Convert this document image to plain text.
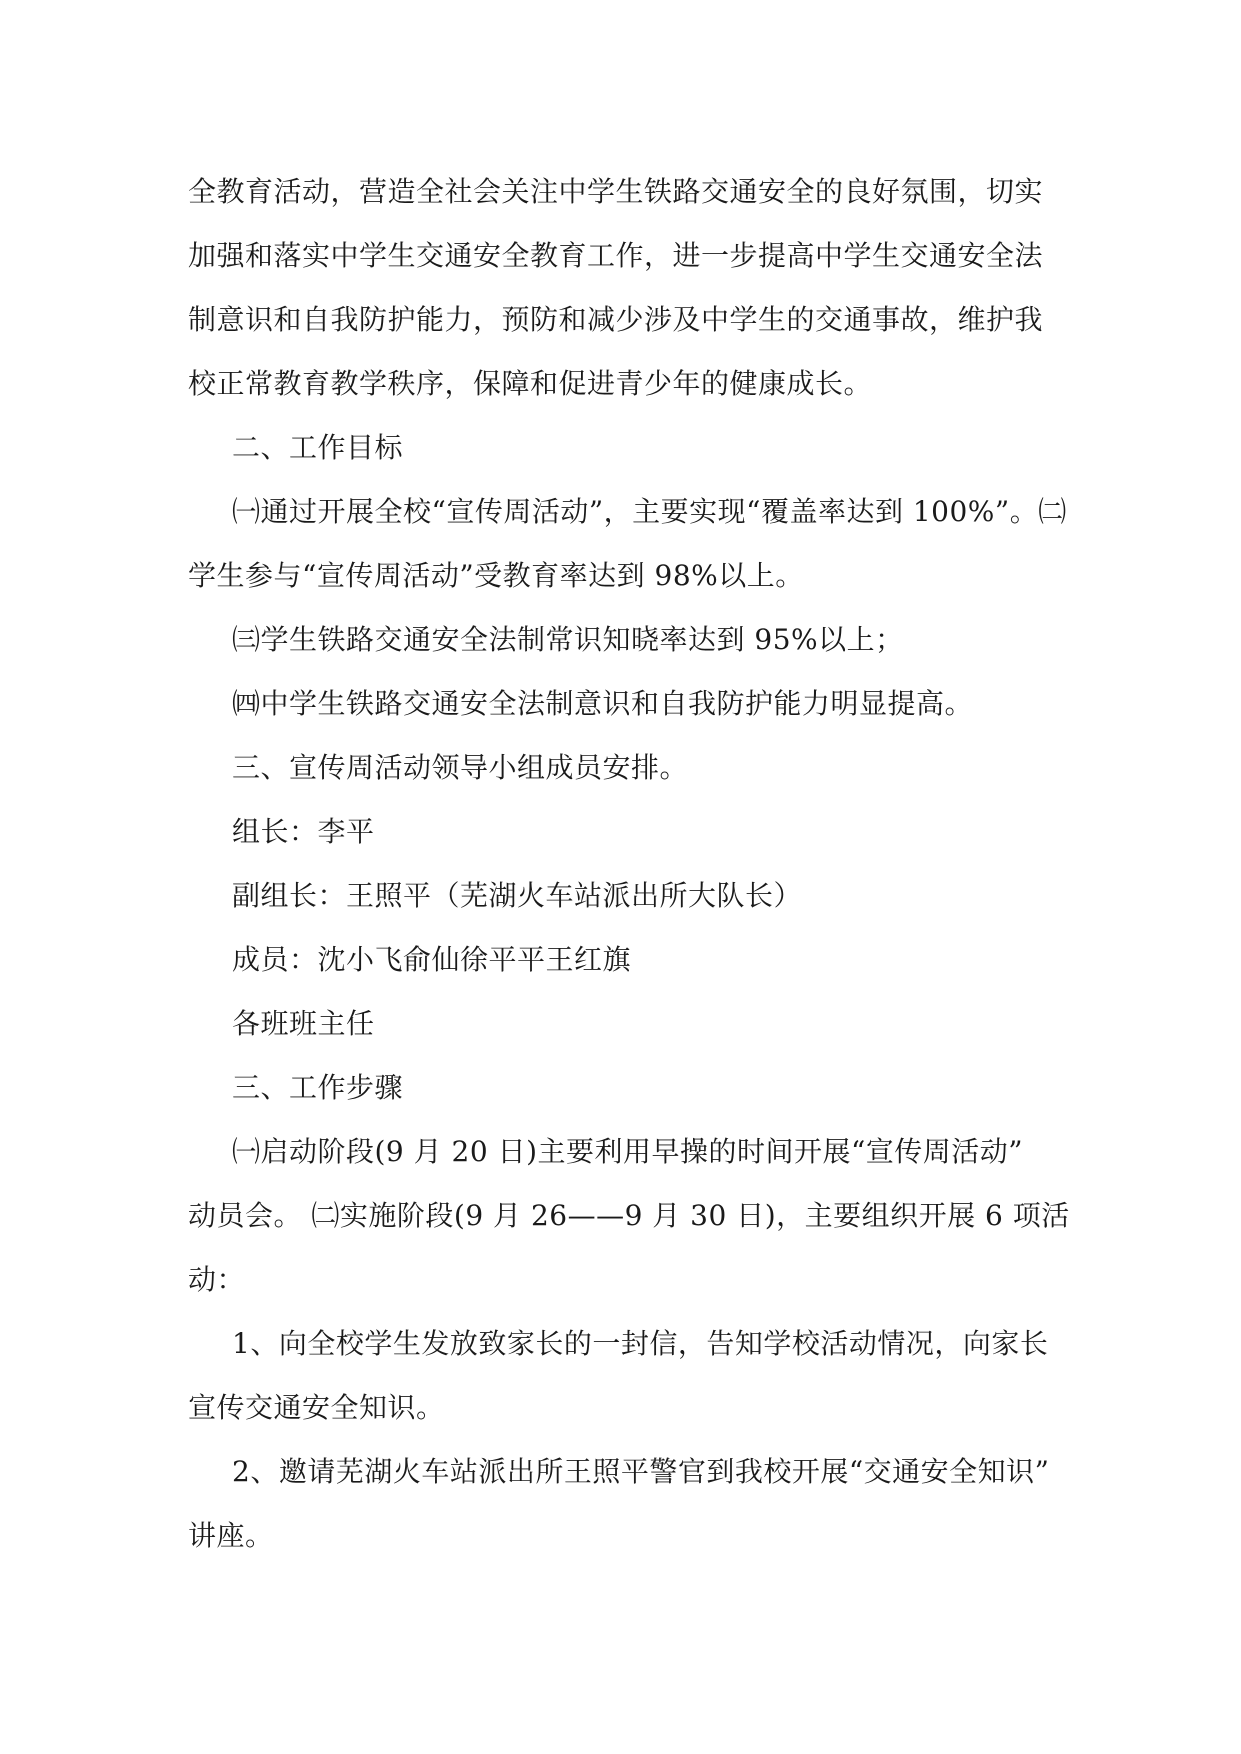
全教育活动，营造全社会关注中学生铁路交通安全的良好氛围，切实
加强和落实中学生交通安全教育工作，进一步提高中学生交通安全法
制意识和自我防护能力，预防和减少涉及中学生的交通事故，维护我
校正常教育教学秩序，保障和促进青少年的健康成长。
二、工作目标
㈠通过开展全校“宣传周活动”，主要实现“覆盖率达到 100%”。㈡
学生参与“宣传周活动”受教育率达到 98%以上。
㈢学生铁路交通安全法制常识知晓率达到 95%以上；
㈣中学生铁路交通安全法制意识和自我防护能力明显提高。
三、宣传周活动领导小组成员安排。
组长：李平
副组长：王照平（芜湖火车站派出所大队长）
成员：沈小飞俞仙徐平平王红旗
各班班主任
三、工作步骤
㈠启动阶段(9 月 20 日)主要利用早操的时间开展“宣传周活动”
动员会。 ㈡实施阶段(9 月 26——9 月 30 日)，主要组织开展 6 项活
动：
1、向全校学生发放致家长的一封信，告知学校活动情况，向家长
宣传交通安全知识。
2、邀请芜湖火车站派出所王照平警官到我校开展“交通安全知识”
讲座。
